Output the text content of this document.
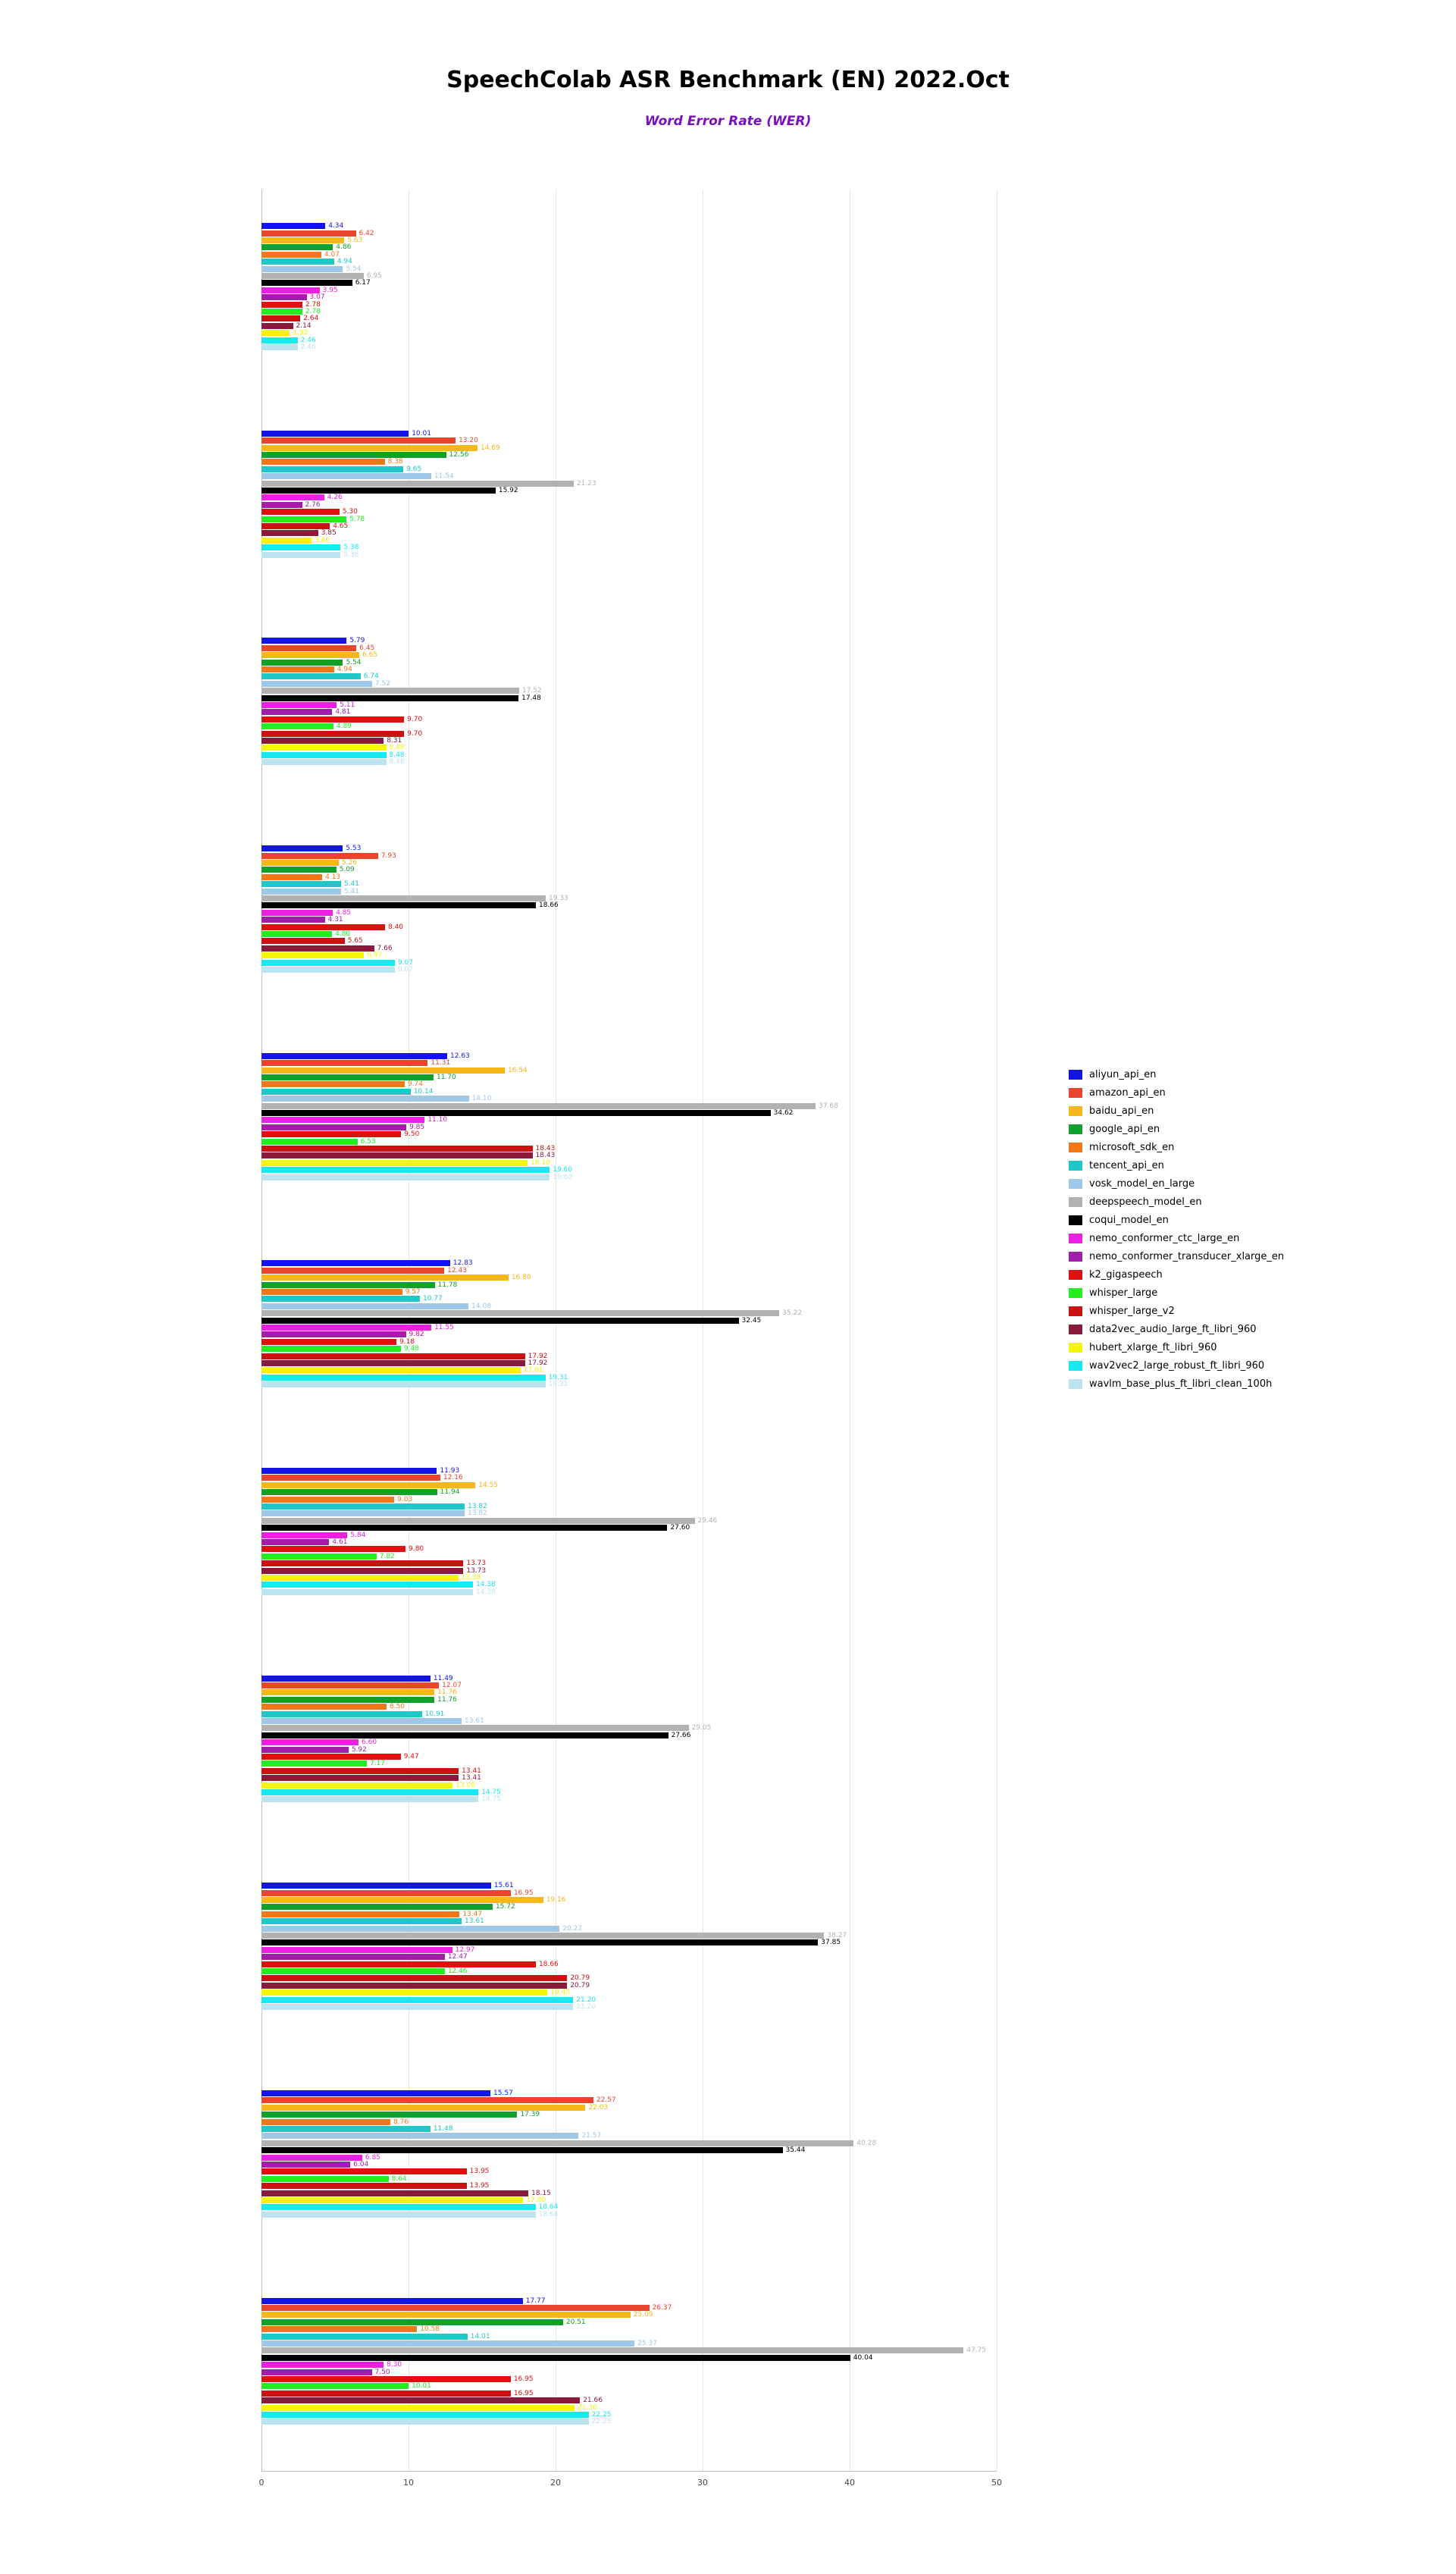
SpeechColab ASR Benchmark (EN) 2022.Oct
Word Error Rate (WER)
0	10	20	30	40	50
4.34
6.42
5.63
4.86
4.07
4.94
5.54
6.95
6.17
3.95
3.07
2.78
2.78
2.64
2.14
1.92
2.46
2.46
10.01
13.20
14.69
12.56
8.38
9.65
11.54
21.23
15.92
4.26
2.76
5.30
5.78
4.65
3.85
3.40
5.38
5.38
5.79
6.45
6.65
5.54
4.94
6.74
7.52
17.52
17.48
5.11
4.81
9.70
4.89
9.70
8.31
8.48
8.48
8.48
5.53
7.93
5.26
5.09
4.13
5.41
5.41
19.33
18.66
4.85
4.31
8.40
4.80
5.65
7.66
6.97
9.07
9.07
12.63
11.31
16.54
11.70
9.74
10.14
14.10
37.68
34.62
11.10
9.85
9.50
6.53
18.43
18.43
18.10
19.60
19.60
12.83
12.43
16.80
11.78
9.57
10.77
14.08
35.22
32.45
11.55
9.82
9.18
9.48
17.92
17.92
17.61
19.31
19.31
11.93
12.16
14.55
11.94
9.03
13.82
13.82
29.46
27.60
5.84
4.61
9.80
7.82
13.73
13.73
13.38
14.38
14.38
11.49
12.07
11.76
11.76
8.50
10.91
13.61
29.05
27.66
6.60
5.92
9.47
7.17
13.41
13.41
13.00
14.75
14.75
15.61
16.95
19.16
15.72
13.47
13.61
20.27
38.27
37.85
12.97
12.47
18.66
12.46
20.79
20.79
19.45
21.20
21.20
15.57
22.57
22.03
17.39
8.76
11.48
21.57
40.28
35.44
6.85
6.04
13.95
8.64
13.95
18.15
17.80
18.64
18.64
17.77
26.37
25.09
20.51
10.58
14.01
25.37
47.75
40.04
8.30
7.50
16.95
10.01
16.95
21.66
21.30
22.25
22.25
aliyun_api_en
amazon_api_en
baidu_api_en
google_api_en
microsoft_sdk_en
tencent_api_en
vosk_model_en_large
deepspeech_model_en
coqui_model_en
nemo_conformer_ctc_large_en
nemo_conformer_transducer_xlarge_en
k2_gigaspeech
whisper_large
whisper_large_v2
data2vec_audio_large_ft_libri_960
hubert_xlarge_ft_libri_960
wav2vec2_large_robust_ft_libri_960
wavlm_base_plus_ft_libri_clean_100h
